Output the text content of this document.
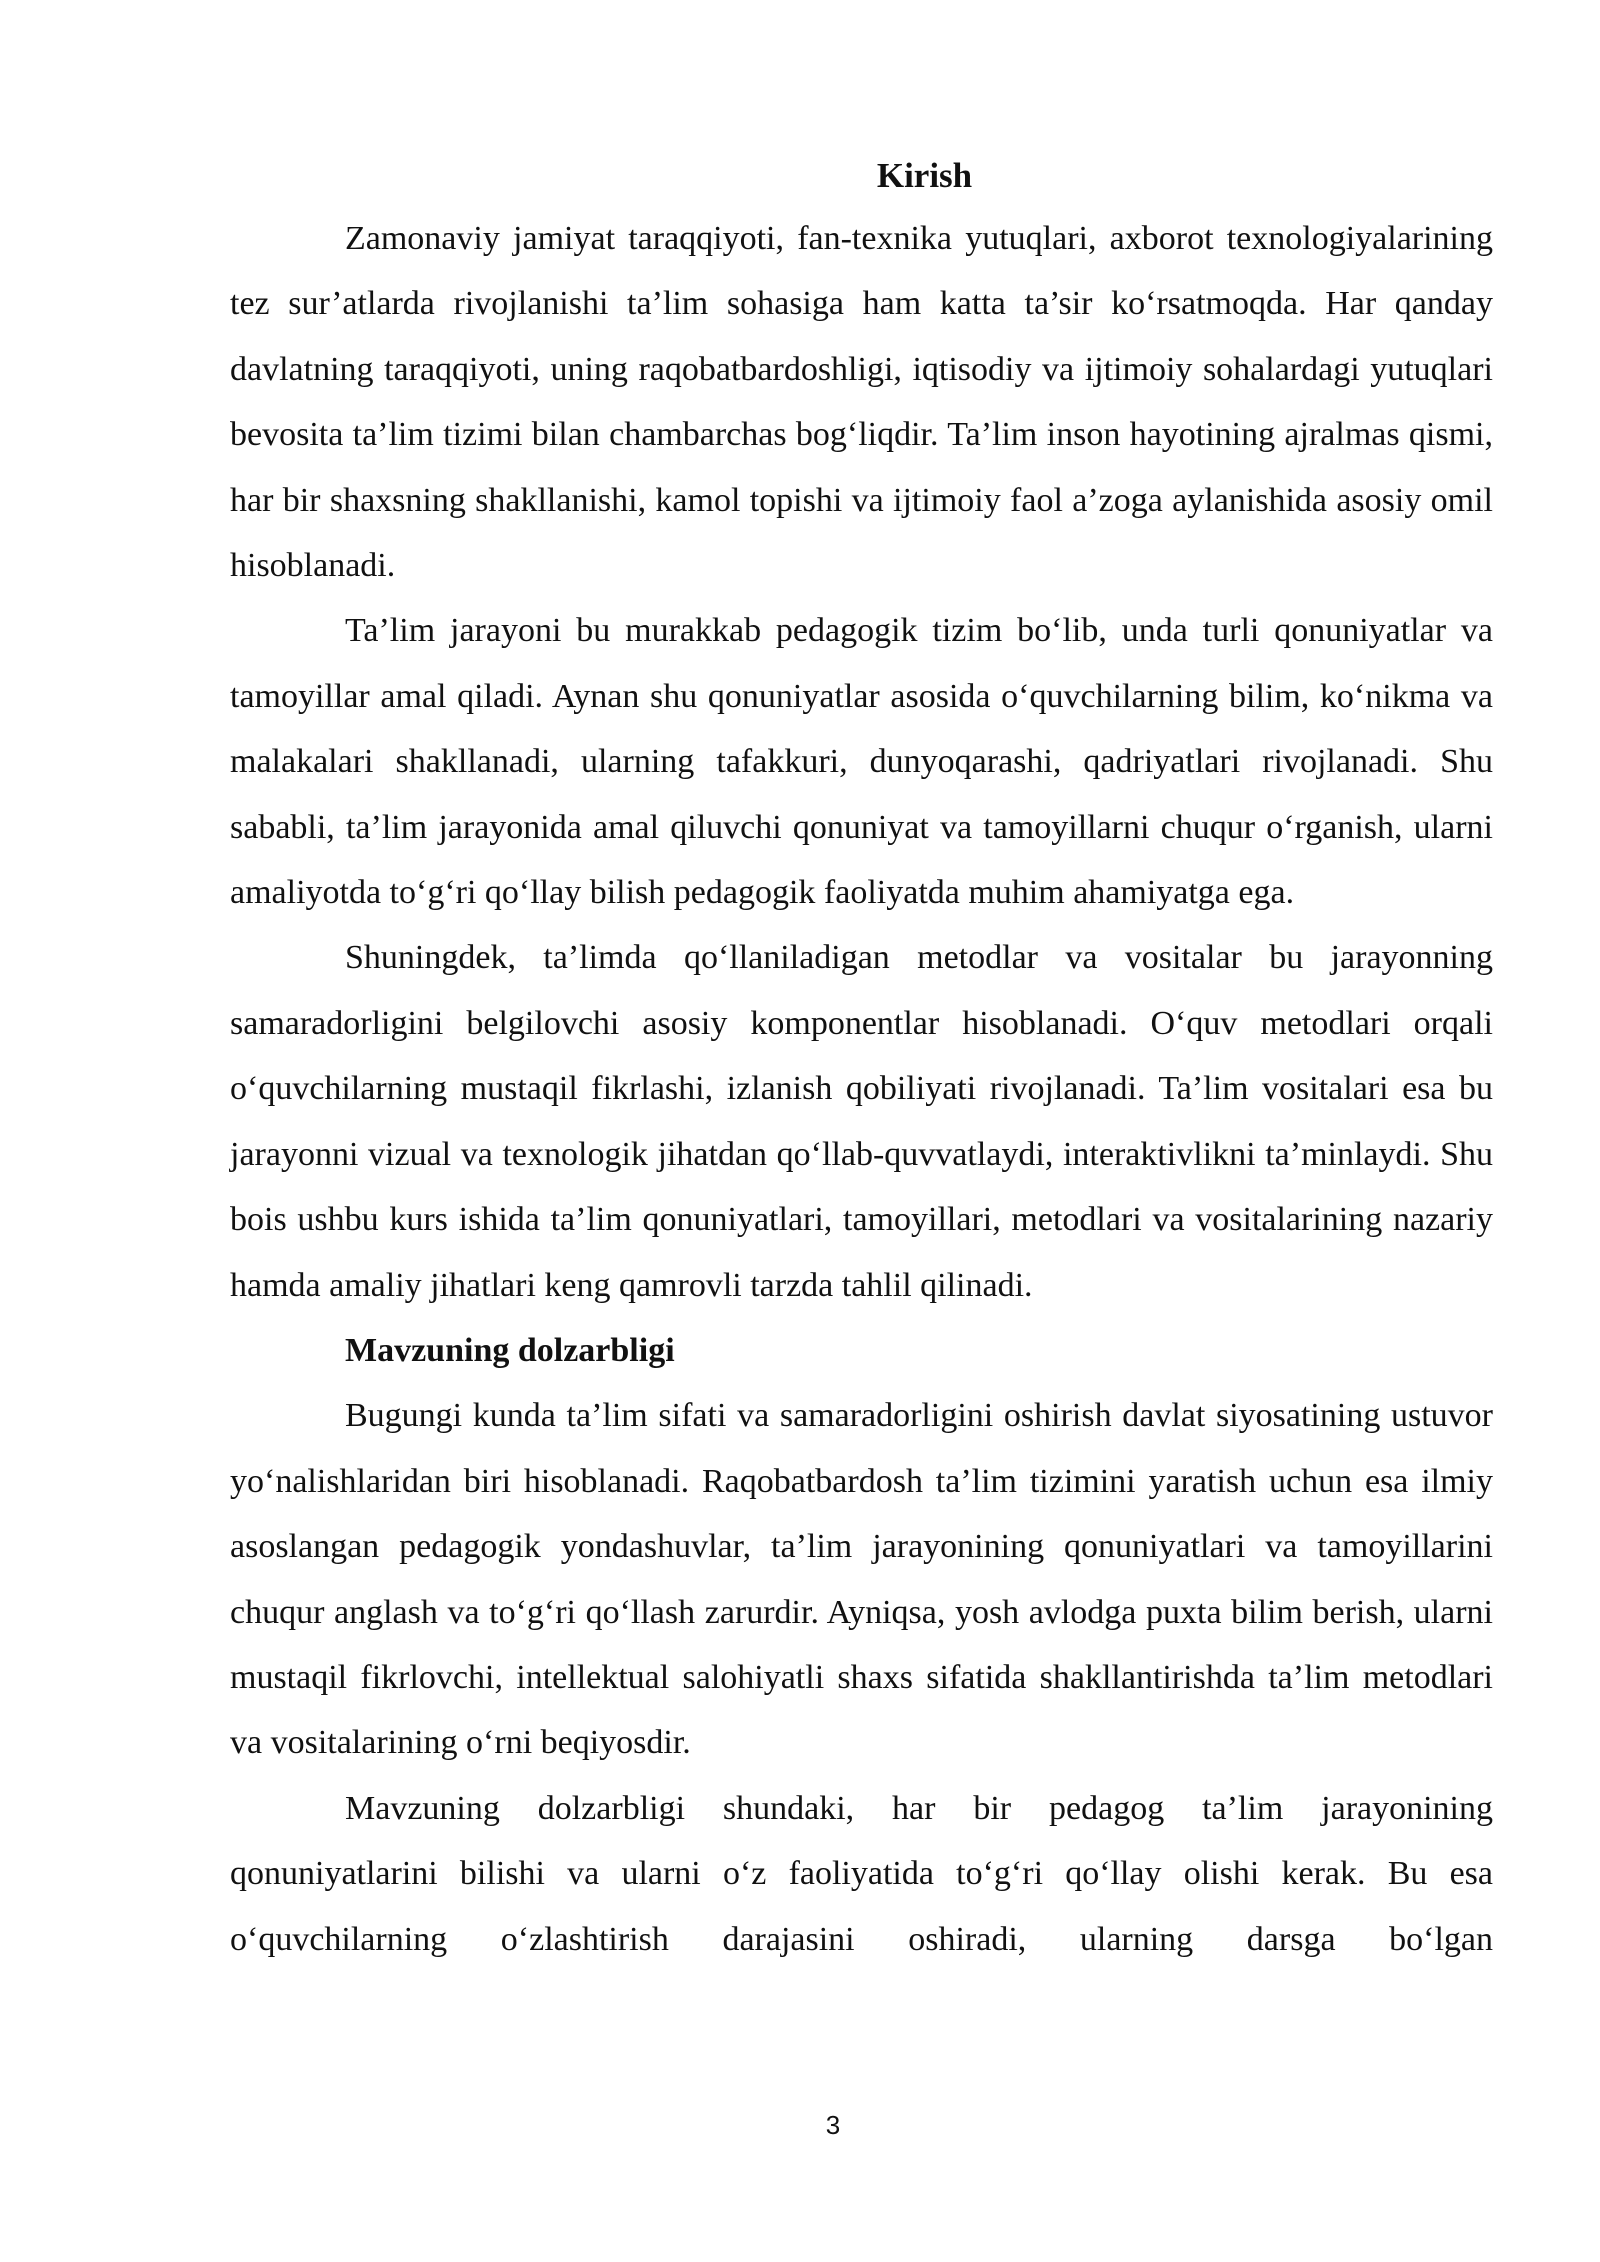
Kirish

Zamonaviy jamiyat taraqqiyoti, fan-texnika yutuqlari, axborot texnologiyalarining tez sur’atlarda rivojlanishi ta’lim sohasiga ham katta ta’sir ko‘rsatmoqda. Har qanday davlatning taraqqiyoti, uning raqobatbardoshligi, iqtisodiy va ijtimoiy sohalardagi yutuqlari bevosita ta’lim tizimi bilan chambarchas bog‘liqdir. Ta’lim inson hayotining ajralmas qismi, har bir shaxsning shakllanishi, kamol topishi va ijtimoiy faol a’zoga aylanishida asosiy omil hisoblanadi.

Ta’lim jarayoni bu murakkab pedagogik tizim bo‘lib, unda turli qonuniyatlar va tamoyillar amal qiladi. Aynan shu qonuniyatlar asosida o‘quvchilarning bilim, ko‘nikma va malakalari shakllanadi, ularning tafakkuri, dunyoqarashi, qadriyatlari rivojlanadi. Shu sababli, ta’lim jarayonida amal qiluvchi qonuniyat va tamoyillarni chuqur o‘rganish, ularni amaliyotda to‘g‘ri qo‘llay bilish pedagogik faoliyatda muhim ahamiyatga ega.

Shuningdek, ta’limda qo‘llaniladigan metodlar va vositalar bu jarayonning samaradorligini belgilovchi asosiy komponentlar hisoblanadi. O‘quv metodlari orqali o‘quvchilarning mustaqil fikrlashi, izlanish qobiliyati rivojlanadi. Ta’lim vositalari esa bu jarayonni vizual va texnologik jihatdan qo‘llab-quvvatlaydi, interaktivlikni ta’minlaydi. Shu bois ushbu kurs ishida ta’lim qonuniyatlari, tamoyillari, metodlari va vositalarining nazariy hamda amaliy jihatlari keng qamrovli tarzda tahlil qilinadi.

Mavzuning dolzarbligi

Bugungi kunda ta’lim sifati va samaradorligini oshirish davlat siyosatining ustuvor yo‘nalishlaridan biri hisoblanadi. Raqobatbardosh ta’lim tizimini yaratish uchun esa ilmiy asoslangan pedagogik yondashuvlar, ta’lim jarayonining qonuniyatlari va tamoyillarini chuqur anglash va to‘g‘ri qo‘llash zarurdir. Ayniqsa, yosh avlodga puxta bilim berish, ularni mustaqil fikrlovchi, intellektual salohiyatli shaxs sifatida shakllantirishda ta’lim metodlari va vositalarining o‘rni beqiyosdir.

Mavzuning dolzarbligi shundaki, har bir pedagog ta’lim jarayonining qonuniyatlarini bilishi va ularni o‘z faoliyatida to‘g‘ri qo‘llay olishi kerak. Bu esa o‘quvchilarning o‘zlashtirish darajasini oshiradi, ularning darsga bo‘lgan

3
